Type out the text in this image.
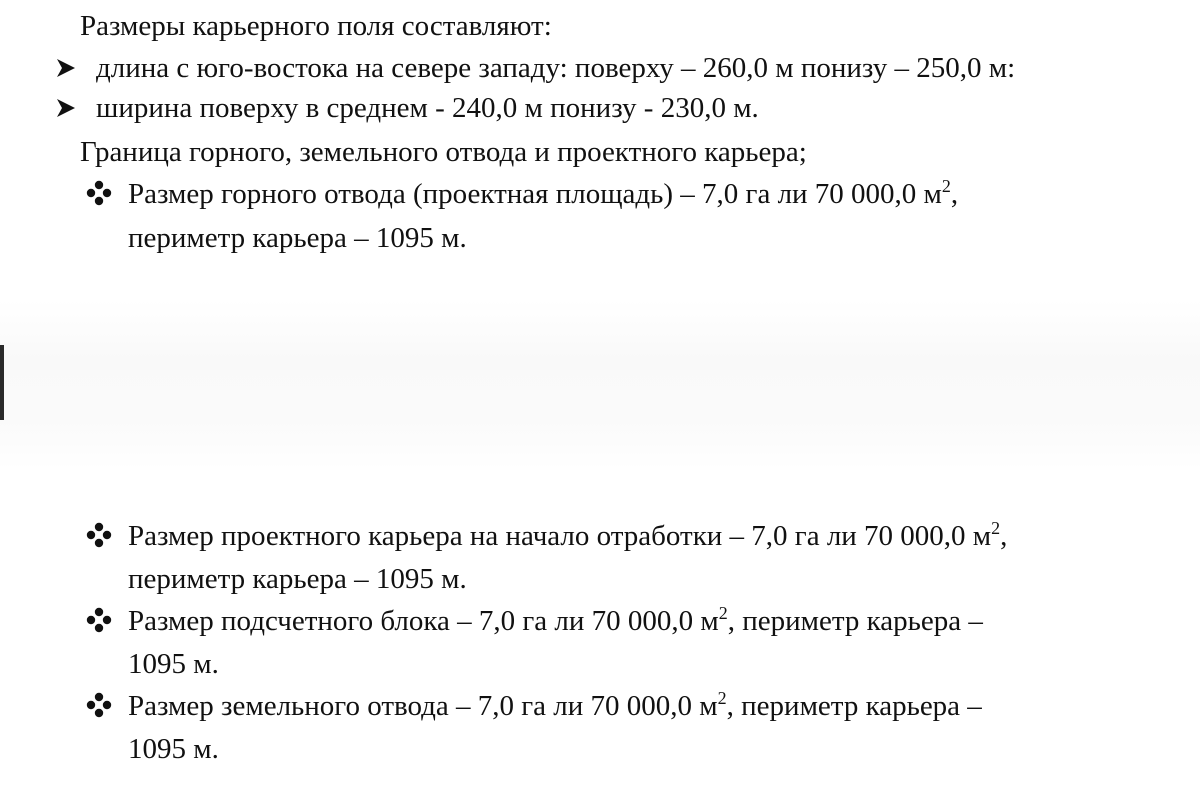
Размеры карьерного поля составляют:
длина с юго-востока на севере западу: поверху – 260,0 м понизу – 250,0 м:
ширина поверху в среднем - 240,0 м понизу - 230,0 м.
Граница горного, земельного отвода и проектного карьера;
Размер горного отвода (проектная площадь) – 7,0 га ли 70 000,0 $м^2$,
периметр карьера – 1095 м.
Размер проектного карьера на начало отработки – 7,0 га ли 70 000,0 $м^2$,
периметр карьера – 1095 м.
Размер подсчетного блока – 7,0 га ли 70 000,0 $м^2$, периметр карьера –
1095 м.
Размер земельного отвода – 7,0 га ли 70 000,0 $м^2$, периметр карьера –
1095 м.
